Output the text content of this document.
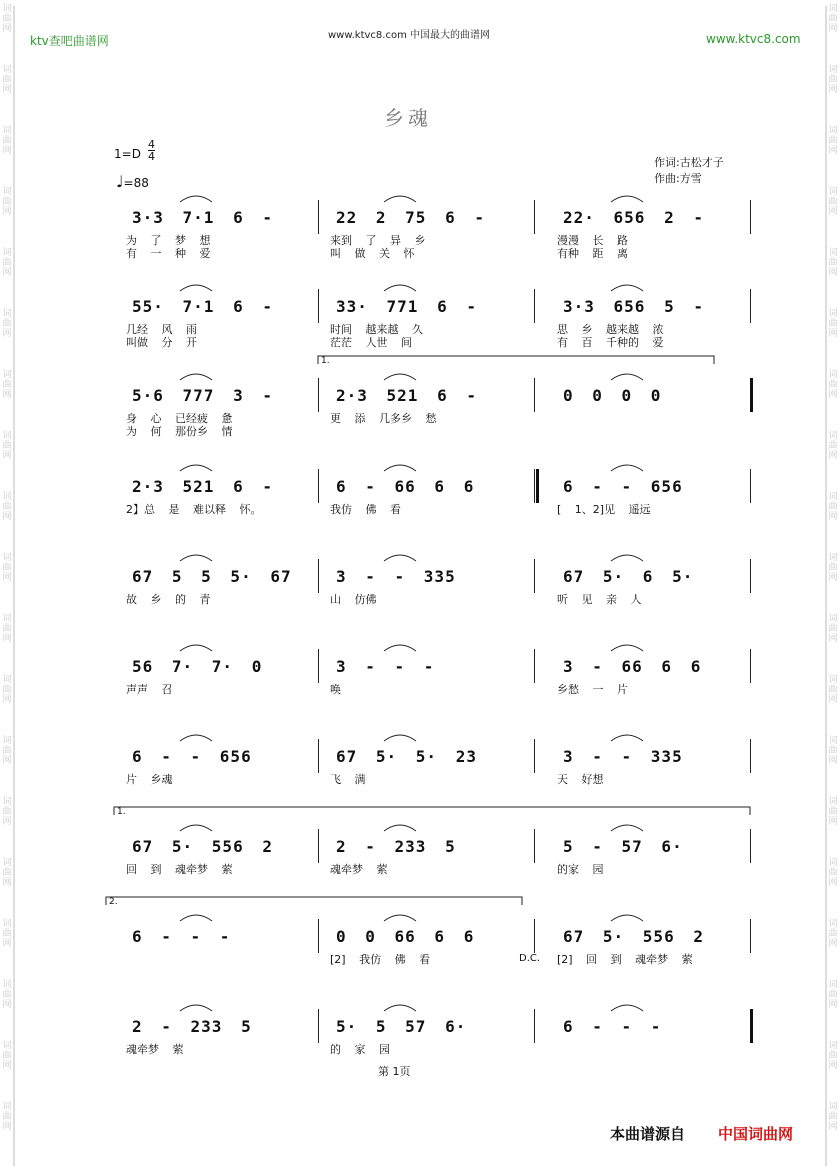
词
曲
网
词
曲
网
词
曲
网
词
曲
网
词
曲
网
词
曲
网
词
曲
网
词
曲
网
词
曲
网
词
曲
网
词
曲
网
词
曲
网
词
曲
网
词
曲
网
词
曲
网
词
曲
网
词
曲
网
词
曲
网
词
曲
网
词
曲
网
词
曲
网
词
曲
网
词
曲
网
词
曲
网
词
曲
网
词
曲
网
词
曲
网
词
曲
网
词
曲
网
词
曲
网
词
曲
网
词
曲
网
词
曲
网
词
曲
网
词
曲
网
词
曲
网
词
曲
网
词
曲
网
ktv查吧曲谱网	www.ktvc8.com 中国最大的曲谱网	www.ktvc8.com
乡魂
1=D
4
4
♩=88
作词:古松才子
作曲:方雪
3·3 7·1 6 -
为 了 梦 想
有 一 种 爱
22 2 75 6 -
来到 了 异 乡
叫 做 关 怀
22· 656 2 -
漫漫 长 路
有种 距 离
55· 7·1 6 -
几经 风 雨
叫做 分 开
33· 771 6 -
时间 越来越 久
茫茫 人世 间
3·3 656 5 -
思 乡 越来越 浓
有 百 千种的 爱
1.
5·6 777 3 -
身 心 已经疲 惫
为 何 那份乡 情
2·3 521 6 -
更 添 几多乡 愁
0 0 0 0
2·3 521 6 -
2】总 是 难以释 怀。
6 - 66 6 6
我仿 佛 看
6 - - 656
[ 1、2]见 遥远
67 5 5 5· 67
故 乡 的 青
3 - - 335
山 仿佛
67 5· 6 5·
听 见 亲 人
56 7· 7· 0
声声 召
3 - - -
唤
3 - 66 6 6
乡愁 一 片
6 - - 656
片 乡魂
67 5· 5· 23
飞 满
3 - - 335
天 好想
1.
67 5· 556 2
回 到 魂牵梦 萦
2 - 233 5
魂牵梦 萦
5 - 57 6·
的家 园
2.
D.C.
6 - - -	0 0 66 6 6
[2] 我仿 佛 看
67 5· 556 2
[2] 回 到 魂牵梦 萦
2 - 233 5
魂牵梦 萦
5· 5 57 6·
的 家 园
6 - - -
第 1页
本曲谱源自 中国词曲网
